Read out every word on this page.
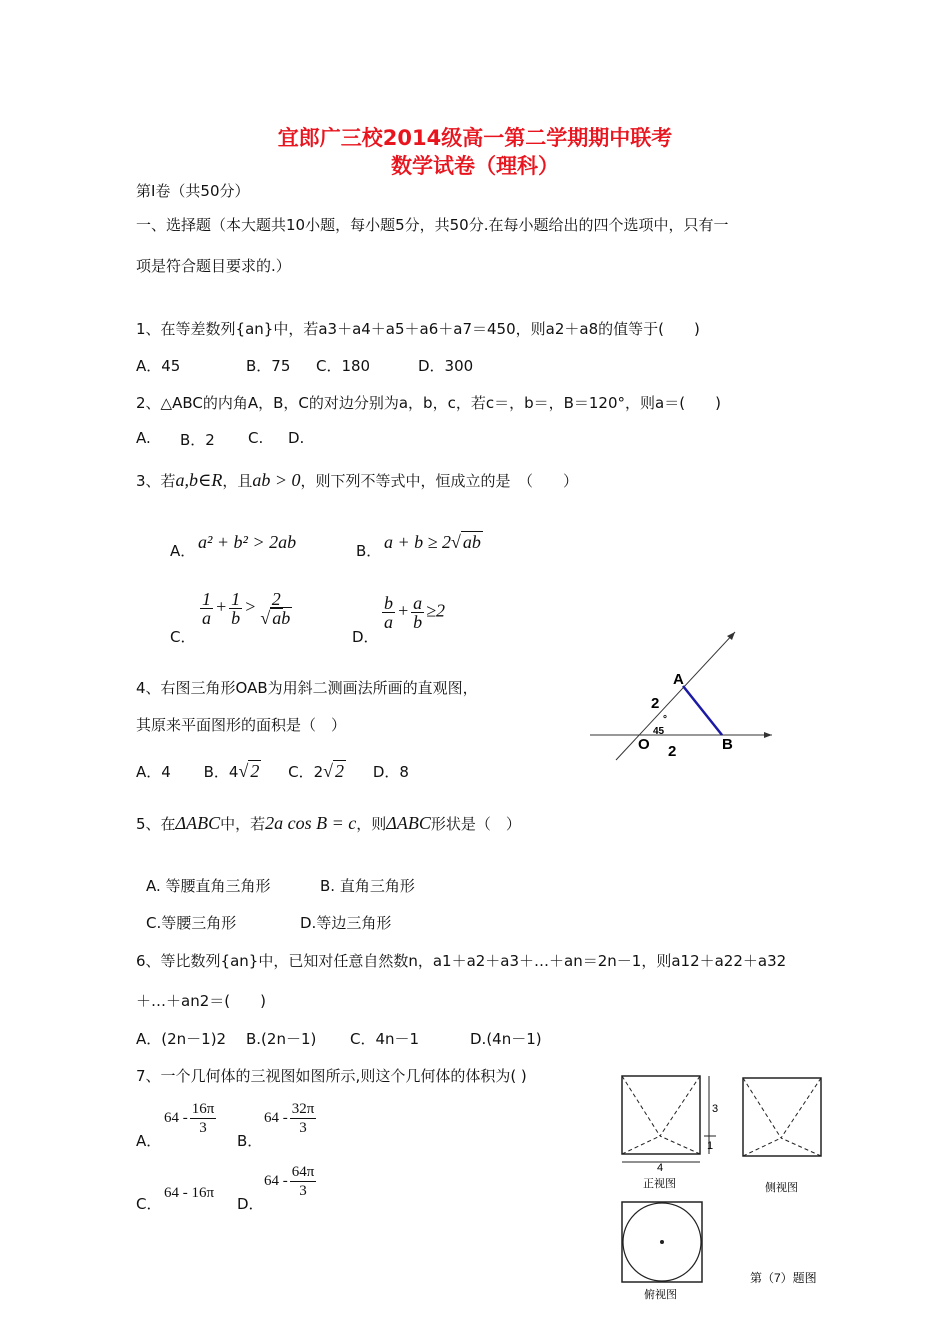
宜郎广三校2014级高一第二学期期中联考
数学试卷（理科）
第Ⅰ卷（共50分）
一、选择题（本大题共10小题，每小题5分，共50分.在每小题给出的四个选项中，只有一
项是符合题目要求的.）
1、在等差数列{an}中，若a3＋a4＋a5＋a6＋a7＝450，则a2＋a8的值等于(　　)
A．45	B．75 C．180	D．300
2、△ABC的内角A，B，C的对边分别为a，b，c，若c＝，b＝，B＝120°，则a＝(　　)
A. B．2 C. D.
3、若a,b∈R，且ab > 0，则下列不等式中，恒成立的是　（　　）
A． a² + b² > 2ab	B． a + b ≥ 2√ ab
C．
$\frac{1}{a} + \frac{1}{b} > \frac{2}{√ ab}$
D．
$\frac{b}{a} + \frac{a}{b} \ge 2$
4、右图三角形OAB为用斜二测画法所画的直观图，
其原来平面图形的面积是（　）
A．4 B．4√ 2 C．2√ 2 D．8
A
B
O
2
2
45
°
5、在ΔABC中，若2a cos B = c，则ΔABC形状是（　）
A. 等腰直角三角形	B. 直角三角形
C.等腰三角形	D.等边三角形
6、等比数列{an}中，已知对任意自然数n，a1＋a2＋a3＋…＋an＝2n－1，则a12＋a22＋a32
＋…＋an2＝(　　)
A．(2n－1)2 B.(2n－1) C．4n－1	D.(4n－1)
7、一个几何体的三视图如图所示,则这个几何体的体积为( )
A．
$64 - \frac{16\pi}{3}$
B．
$64 - \frac{32\pi}{3}$
C．
64 - 16π
D．
$64 - \frac{64\pi}{3}$
3
1
4
正视图	侧视图
俯视图
第（7）题图
